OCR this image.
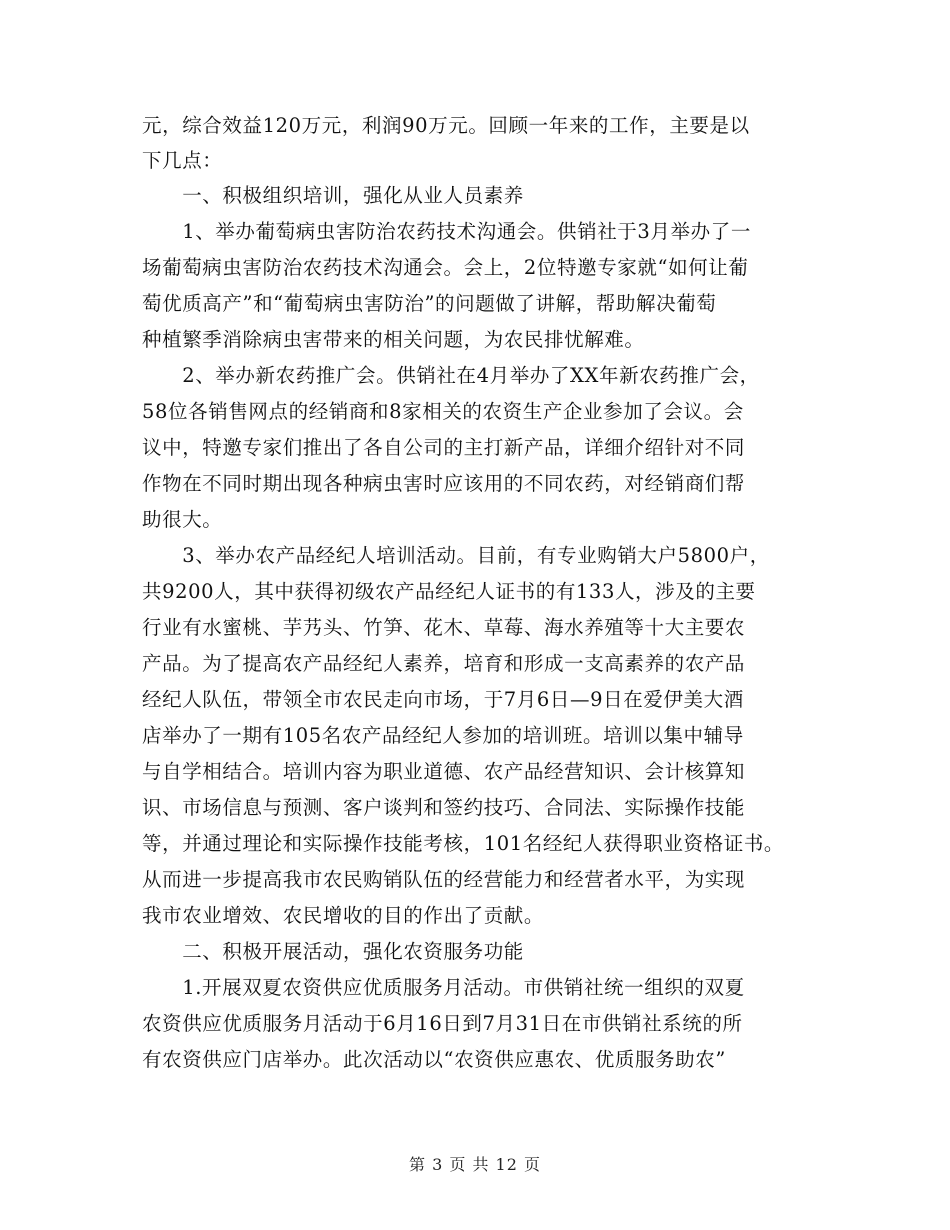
元，综合效益120万元，利润90万元。回顾一年来的工作，主要是以
下几点：
　　一、积极组织培训，强化从业人员素养
　　1、举办葡萄病虫害防治农药技术沟通会。供销社于3月举办了一
场葡萄病虫害防治农药技术沟通会。会上，2位特邀专家就“如何让葡
萄优质高产”和“葡萄病虫害防治”的问题做了讲解，帮助解决葡萄
种植繁季消除病虫害带来的相关问题，为农民排忧解难。
　　2、举办新农药推广会。供销社在4月举办了XX年新农药推广会，
58位各销售网点的经销商和8家相关的农资生产企业参加了会议。会
议中，特邀专家们推出了各自公司的主打新产品，详细介绍针对不同
作物在不同时期出现各种病虫害时应该用的不同农药，对经销商们帮
助很大。
　　3、举办农产品经纪人培训活动。目前，有专业购销大户5800户，
共9200人，其中获得初级农产品经纪人证书的有133人，涉及的主要
行业有水蜜桃、芋艿头、竹笋、花木、草莓、海水养殖等十大主要农
产品。为了提高农产品经纪人素养，培育和形成一支高素养的农产品
经纪人队伍，带领全市农民走向市场，于7月6日—9日在爱伊美大酒
店举办了一期有105名农产品经纪人参加的培训班。培训以集中辅导
与自学相结合。培训内容为职业道德、农产品经营知识、会计核算知
识、市场信息与预测、客户谈判和签约技巧、合同法、实际操作技能
等，并通过理论和实际操作技能考核，101名经纪人获得职业资格证书。
从而进一步提高我市农民购销队伍的经营能力和经营者水平，为实现
我市农业增效、农民增收的目的作出了贡献。
　　二、积极开展活动，强化农资服务功能
　　1.开展双夏农资供应优质服务月活动。市供销社统一组织的双夏
农资供应优质服务月活动于6月16日到7月31日在市供销社系统的所
有农资供应门店举办。此次活动以“农资供应惠农、优质服务助农”
第 3 页 共 12 页
